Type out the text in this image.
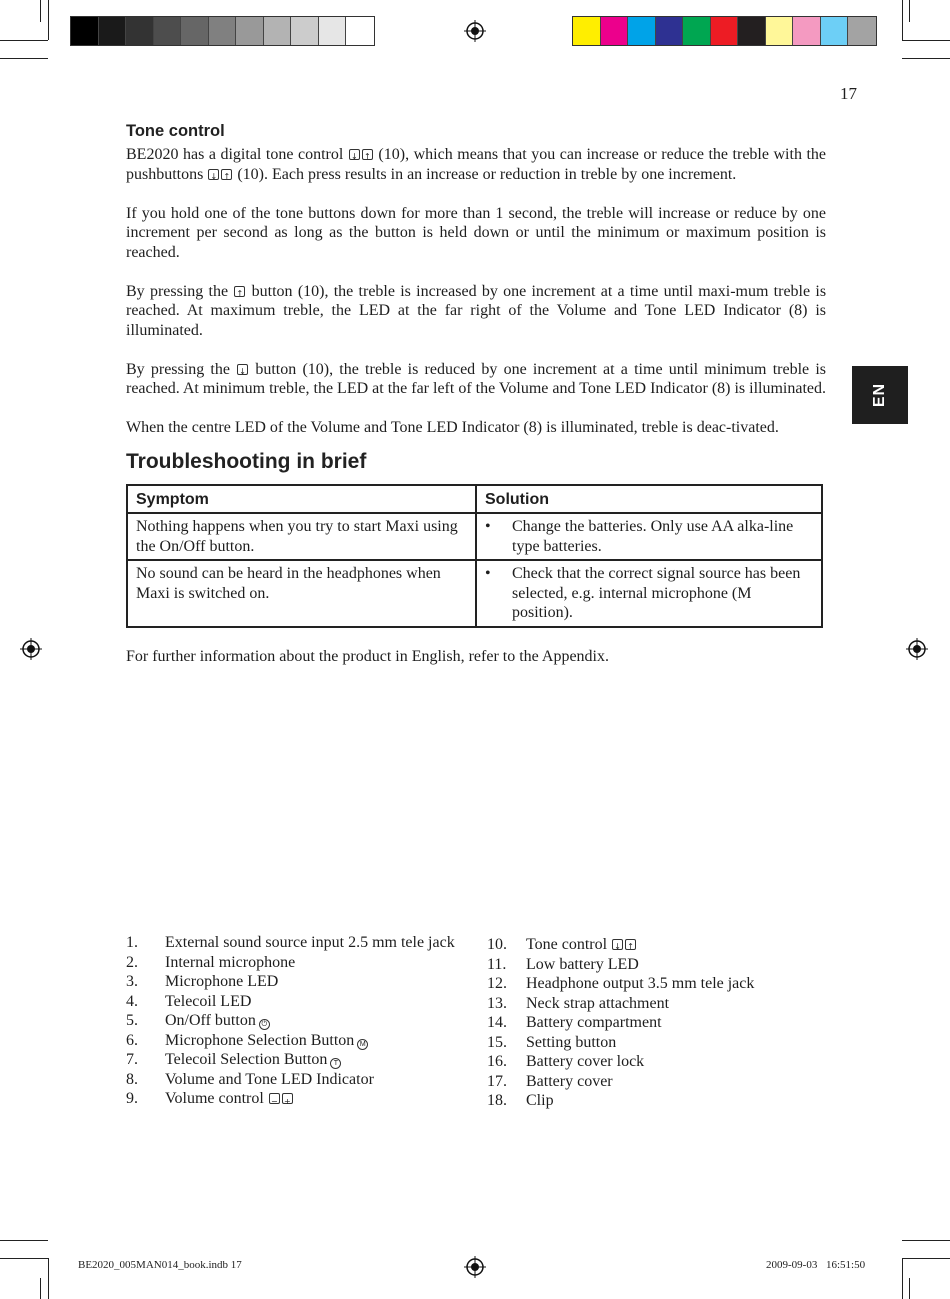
17
EN
Tone control

BE2020 has a digital tone control ↓ ↑ (10), which means that you can increase or reduce the treble with the pushbuttons ↓ ↑ (10). Each press results in an increase or reduction in treble by one increment.

If you hold one of the tone buttons down for more than 1 second, the treble will increase or reduce by one increment per second as long as the button is held down or until the minimum or maximum position is reached.

By pressing the ↑ button (10), the treble is increased by one increment at a time until maxi-mum treble is reached. At maximum treble, the LED at the far right of the Volume and Tone LED Indicator (8) is illuminated.

By pressing the ↓ button (10), the treble is reduced by one increment at a time until minimum treble is reached. At minimum treble, the LED at the far left of the Volume and Tone LED Indicator (8) is illuminated.

When the centre LED of the Volume and Tone LED Indicator (8) is illuminated, treble is deac-tivated.

Troubleshooting in brief
Symptom	Solution
Nothing happens when you try to start Maxi using the On/Off button.	• Change the batteries. Only use AA alka-line type batteries.

No sound can be heard in the headphones when Maxi is switched on.	• Check that the correct signal source has been selected, e.g. internal microphone (M position).
For further information about the product in English, refer to the Appendix.
1.	External sound source input 2.5 mm tele jack
2.	Internal microphone
3.	Microphone LED
4.	Telecoil LED
5.	On/Off button ⏻
6.	Microphone Selection Button M
7.	Telecoil Selection Button T
8.	Volume and Tone LED Indicator
9.	Volume control −+
10.	Tone control ↓↑
11.	Low battery LED
12.	Headphone output 3.5 mm tele jack
13.	Neck strap attachment
14.	Battery compartment
15.	Setting button
16.	Battery cover lock
17.	Battery cover
18.	Clip
BE2020_005MAN014_book.indb 17	2009-09-03 16:51:50
